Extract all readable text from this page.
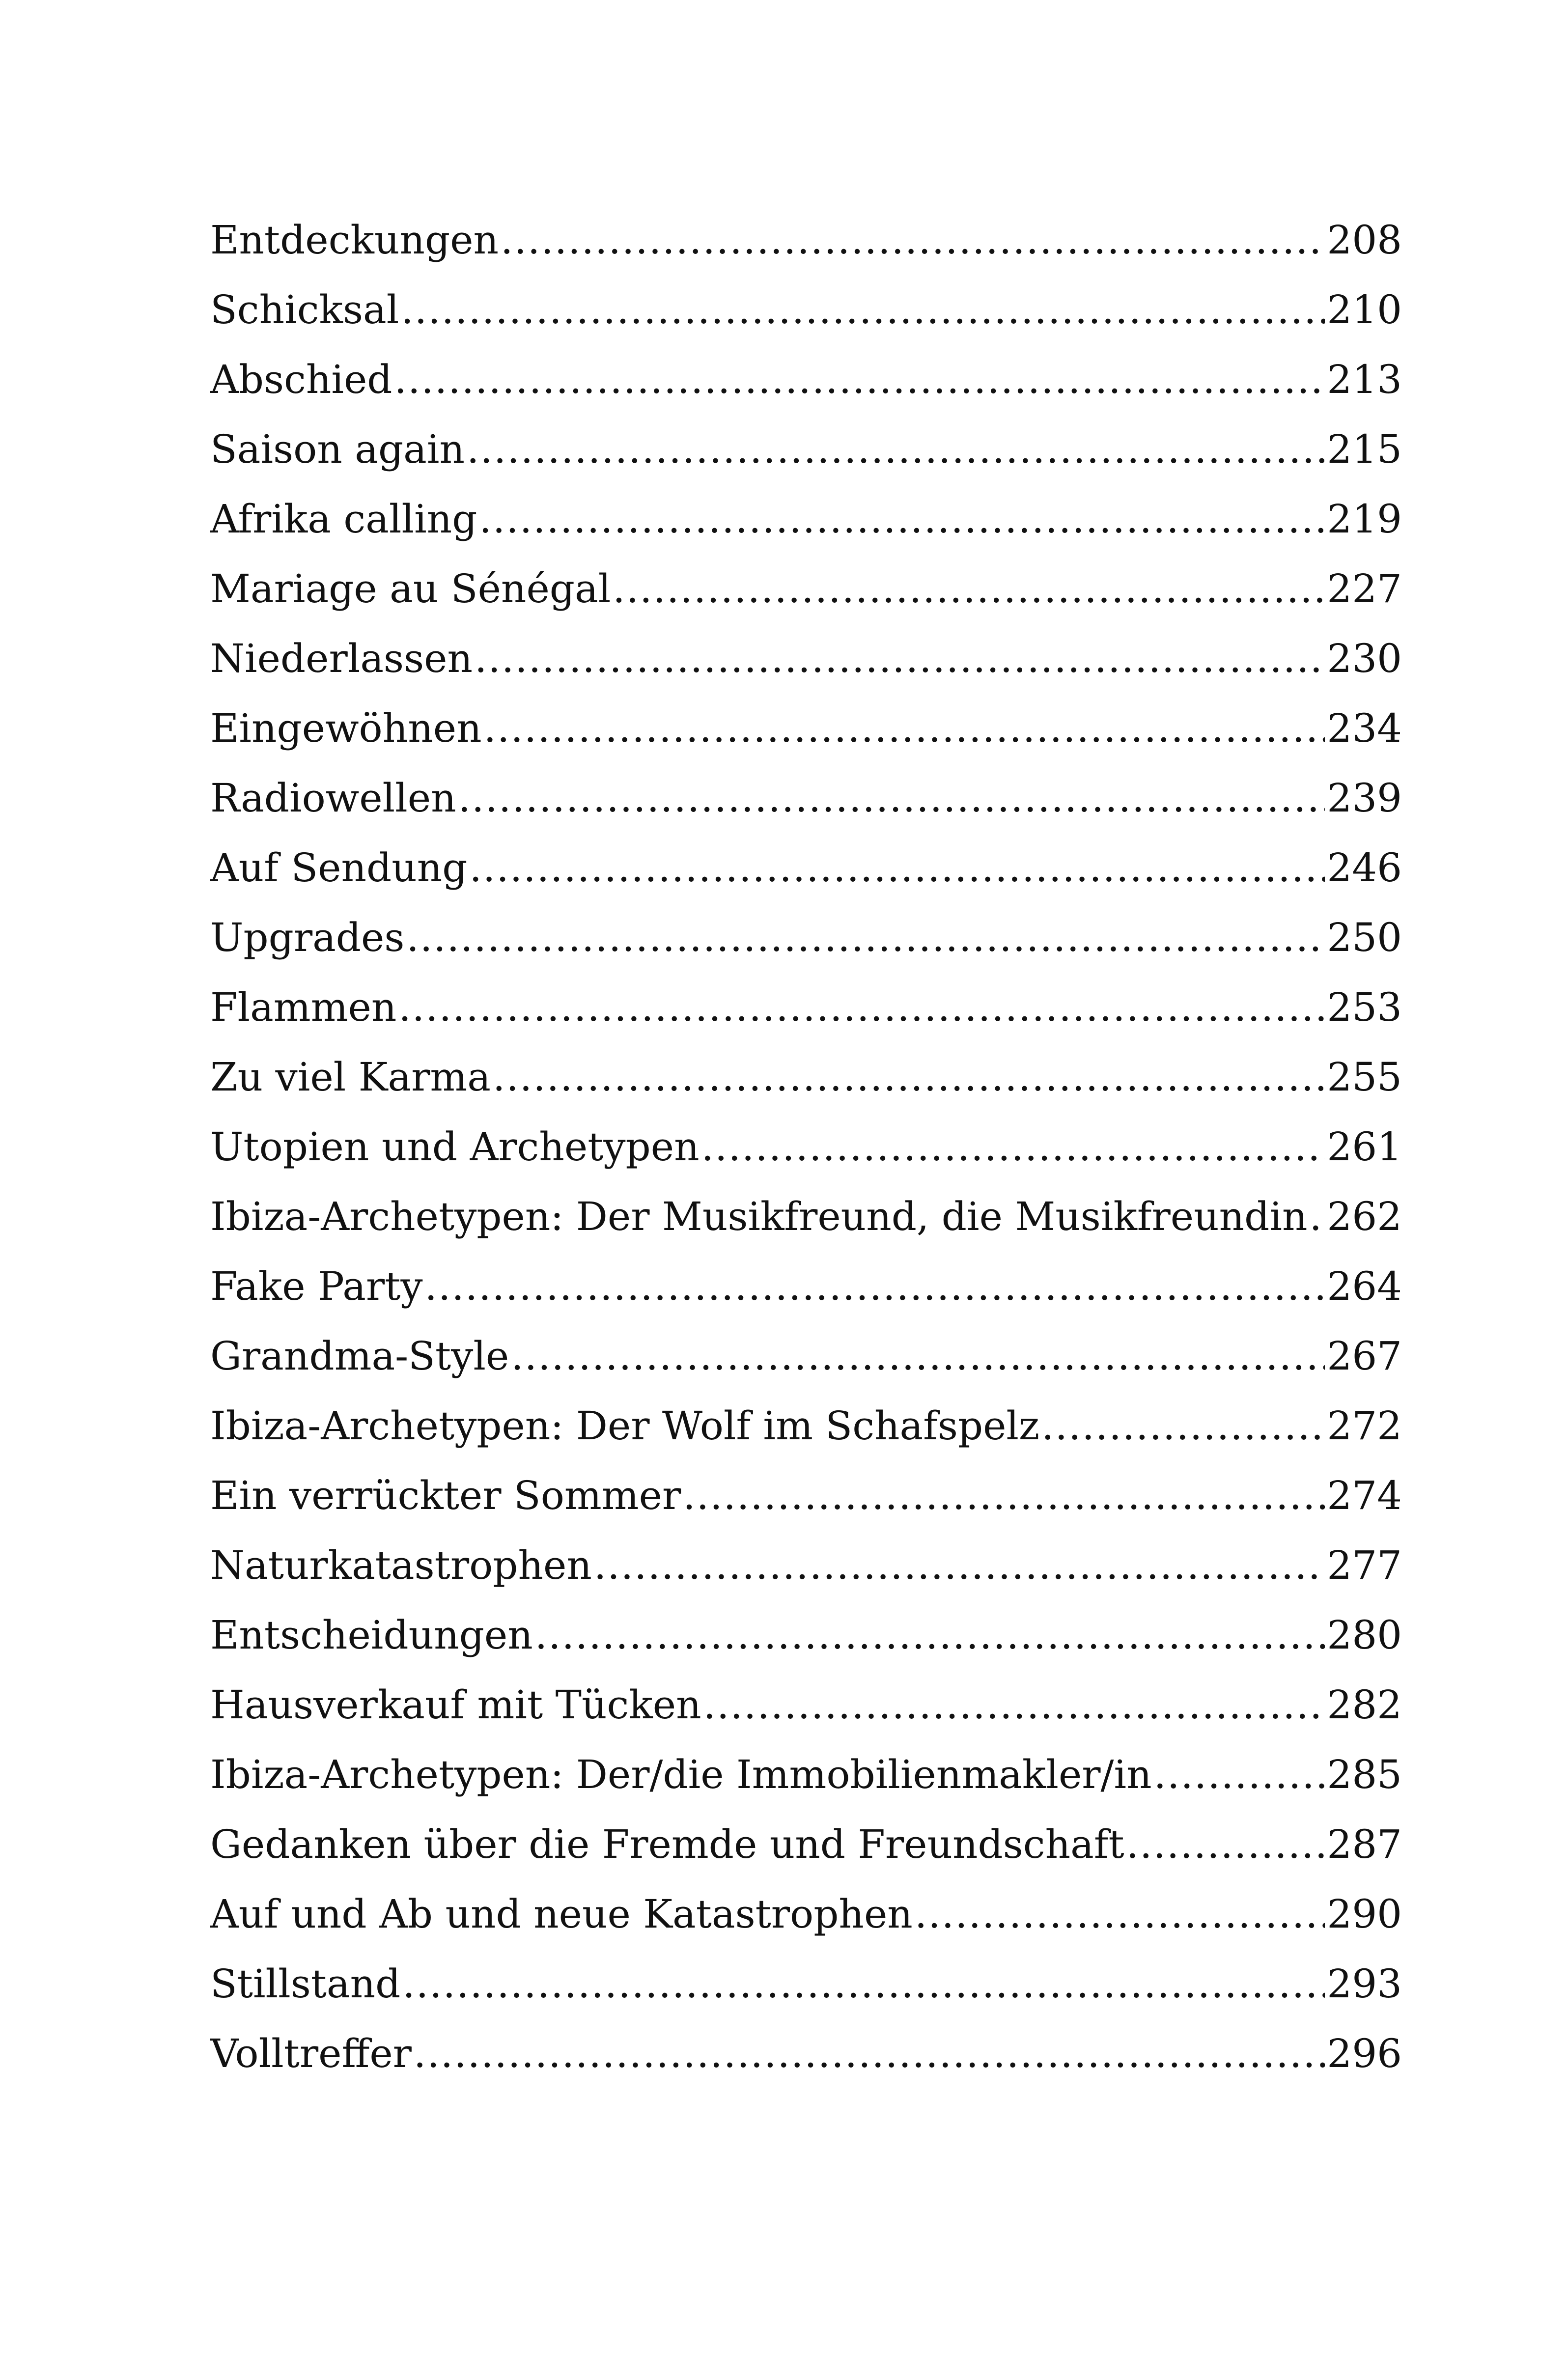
Entdeckungen .....	208
Schicksal .....	210
Abschied .....	213
Saison again .....	215
Afrika calling .....	219
Mariage au Sénégal .....	227
Niederlassen .....	230
Eingewöhnen .....	234
Radiowellen .....	239
Auf Sendung .....	246
Upgrades .....	250
Flammen .....	253
Zu viel Karma .....	255
Utopien und Archetypen .....	261
Ibiza-Archetypen: Der Musikfreund, die Musikfreundin ..... 262
Fake Party .....	264
Grandma-Style .....	267
Ibiza-Archetypen: Der Wolf im Schafspelz .....	272
Ein verrückter Sommer .....	274
Naturkatastrophen .....	277
Entscheidungen .....	280
Hausverkauf mit Tücken .....	282
Ibiza-Archetypen: Der/die Immobilienmakler/in .....	285
Gedanken über die Fremde und Freundschaft .....	287
Auf und Ab und neue Katastrophen .....	290
Stillstand .....	293
Volltreffer .....	296
